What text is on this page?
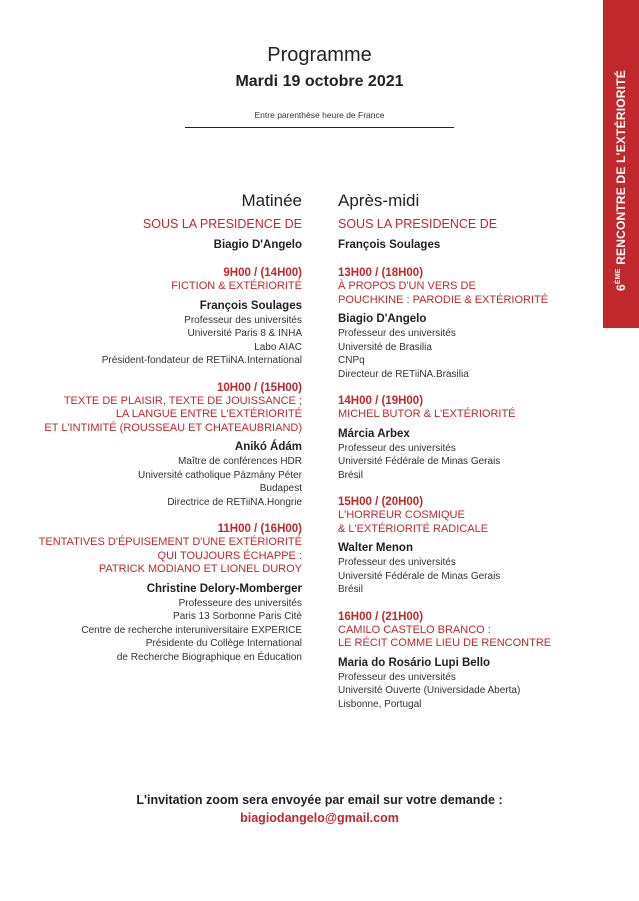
6ÈME RENCONTRE DE L'EXTÉRIORITÉ
Programme
Mardi 19 octobre 2021
Entre parenthèse heure de France
Matinée
SOUS LA PRESIDENCE DE
Biagio D'Angelo
9H00 / (14H00)
FICTION & EXTÉRIORITÉ
François Soulages
Professeur des universités
Université Paris 8 & INHA
Labo AIAC
Président-fondateur de RETiiNA.International
10H00 / (15H00)
TEXTE DE PLAISIR, TEXTE DE JOUISSANCE ;
LA LANGUE ENTRE L'EXTÉRIORITÉ
ET L'INTIMITÉ (ROUSSEAU ET CHATEAUBRIAND)
Anikó Ádám
Maître de conférences HDR
Université catholique Pázmány Péter
Budapest
Directrice de RETiiNA.Hongrie
11H00 / (16H00)
TENTATIVES D'ÉPUISEMENT D'UNE EXTÉRIORITÉ
QUI TOUJOURS ÉCHAPPE :
PATRICK MODIANO ET LIONEL DUROY
Christine Delory-Momberger
Professeure des universités
Paris 13 Sorbonne Paris Cité
Centre de recherche interuniversitaire EXPERICE
Présidente du Collège International
de Recherche Biographique en Éducation
Après-midi
SOUS LA PRESIDENCE DE
François Soulages
13H00 / (18H00)
À PROPOS D'UN VERS DE
POUCHKINE : PARODIE & EXTÉRIORITÉ
Biagio D'Angelo
Professeur des universités
Université de Brasilia
CNPq
Directeur de RETiiNA.Brasilia
14H00 / (19H00)
MICHEL BUTOR & L'EXTÉRIORITÉ
Márcia Arbex
Professeur des universités
Université Fédérale de Minas Gerais
Brésil
15H00 / (20H00)
L'HORREUR COSMIQUE
& L'EXTÉRIORITÉ RADICALE
Walter Menon
Professeur des universités
Université Fédérale de Minas Gerais
Brésil
16H00 / (21H00)
CAMILO CASTELO BRANCO :
LE RÉCIT COMME LIEU DE RENCONTRE
Maria do Rosário Lupi Bello
Professeur des universités
Université Ouverte (Universidade Aberta)
Lisbonne, Portugal
L'invitation zoom sera envoyée par email sur votre demande :
biagiodangelo@gmail.com
